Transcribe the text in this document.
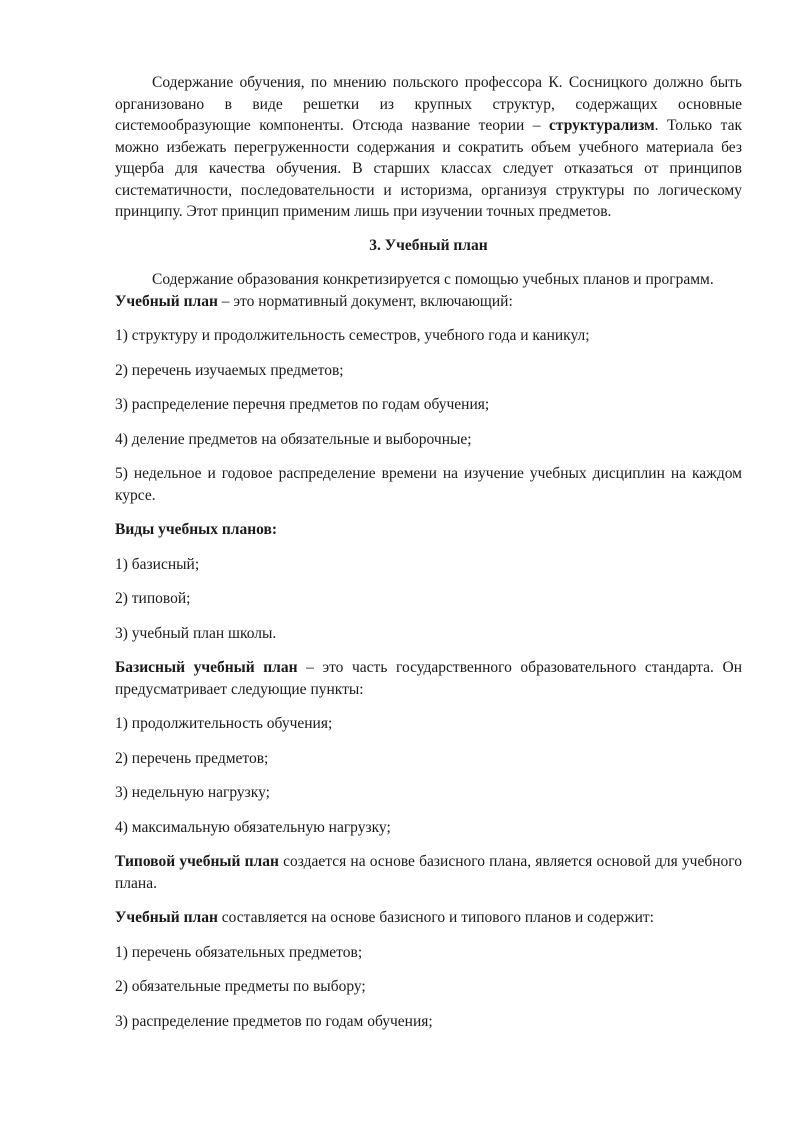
Содержание обучения, по мнению польского профессора К. Сосницкого должно быть организовано в виде решетки из крупных структур, содержащих основные системообразующие компоненты. Отсюда название теории – структурализм. Только так можно избежать перегруженности содержания и сократить объем учебного материала без ущерба для качества обучения. В старших классах следует отказаться от принципов систематичности, последовательности и историзма, организуя структуры по логическому принципу. Этот принцип применим лишь при изучении точных предметов.

3. Учебный план

Содержание образования конкретизируется с помощью учебных планов и программ.

Учебный план – это нормативный документ, включающий:

1) структуру и продолжительность семестров, учебного года и каникул;

2) перечень изучаемых предметов;

3) распределение перечня предметов по годам обучения;

4) деление предметов на обязательные и выборочные;

5) недельное и годовое распределение времени на изучение учебных дисциплин на каждом курсе.

Виды учебных планов:

1) базисный;

2) типовой;

3) учебный план школы.

Базисный учебный план – это часть государственного образовательного стандарта. Он предусматривает следующие пункты:

1) продолжительность обучения;

2) перечень предметов;

3) недельную нагрузку;

4) максимальную обязательную нагрузку;

Типовой учебный план создается на основе базисного плана, является основой для учебного плана.

Учебный план составляется на основе базисного и типового планов и содержит:

1) перечень обязательных предметов;

2) обязательные предметы по выбору;

3) распределение предметов по годам обучения;
